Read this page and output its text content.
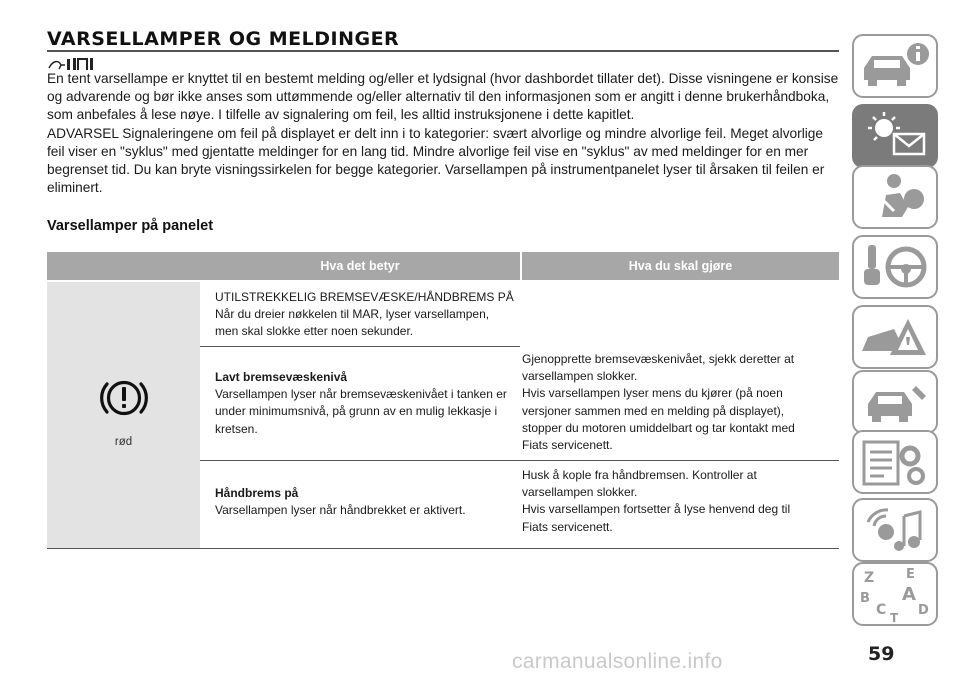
VARSELLAMPER OG MELDINGER

En tent varsellampe er knyttet til en bestemt melding og/eller et lydsignal (hvor dashbordet tillater det). Disse visningene er konsise og advarende og bør ikke anses som uttømmende og/eller alternativ til den informasjonen som er angitt i denne brukerhåndboka, som anbefales å lese nøye. I tilfelle av signalering om feil, les alltid instruksjonene i dette kapitlet.

ADVARSEL Signaleringene om feil på displayet er delt inn i to kategorier: svært alvorlige og mindre alvorlige feil. Meget alvorlige feil viser en "syklus" med gjentatte meldinger for en lang tid. Mindre alvorlige feil vise en "syklus" av med meldinger for en mer begrenset tid. Du kan bryte visningssirkelen for begge kategorier. Varsellampen på instrumentpanelet lyser til årsaken til feilen er eliminert.

Varsellamper på panelet
Hva det betyr	Hva du skal gjøre
rød
UTILSTREKKELIG BREMSEVÆSKE/HÅNDBREMS PÅ
Når du dreier nøkkelen til MAR, lyser varsellampen,
men skal slokke etter noen sekunder.
Lavt bremsevæskenivå
Varsellampen lyser når bremsevæskenivået i tanken er
under minimumsnivå, på grunn av en mulig lekkasje i
kretsen.
Gjenopprette bremsevæskenivået, sjekk deretter at
varsellampen slokker.
Hvis varsellampen lyser mens du kjører (på noen
versjoner sammen med en melding på displayet),
stopper du motoren umiddelbart og tar kontakt med
Fiats servicenett.
Håndbrems på
Varsellampen lyser når håndbrekket er aktivert.
Husk å kople fra håndbremsen. Kontroller at
varsellampen slokker.
Hvis varsellampen fortsetter å lyse henvend deg til
Fiats servicenett.
Z E
B A
C D
T
59
carmanualsonline.info
